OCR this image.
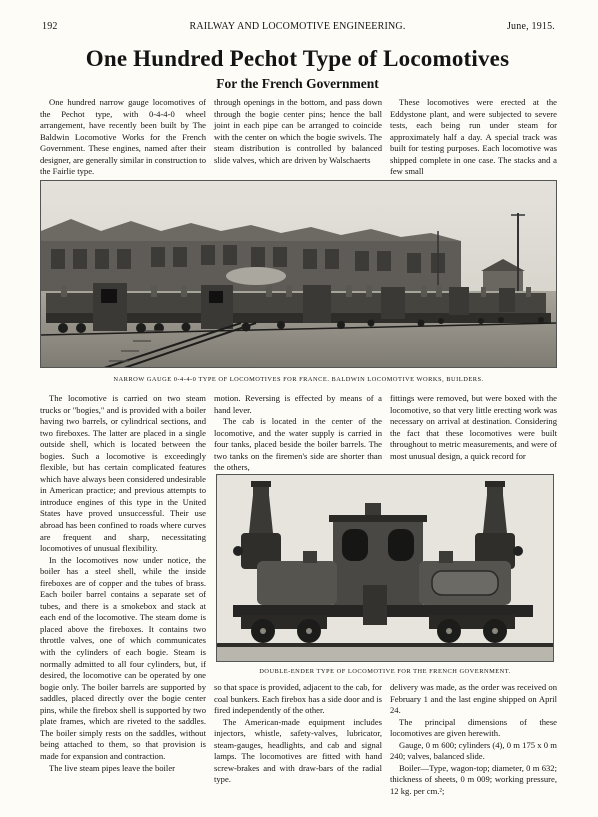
192	RAILWAY AND LOCOMOTIVE ENGINEERING.	June, 1915.
One Hundred Pechot Type of Locomotives
For the French Government

One hundred narrow gauge locomotives of the Pechot type, with 0-4-4-0 wheel arrangement, have recently been built by The Baldwin Locomotive Works for the French Government. These engines, named after their designer, are generally similar in construction to the Fairlie type.

through openings in the bottom, and pass down through the bogie center pins; hence the ball joint in each pipe can be arranged to coincide with the center on which the bogie swivels. The steam distribution is controlled by balanced slide valves, which are driven by Walschaerts

These locomotives were erected at the Eddystone plant, and were subjected to severe tests, each being run under steam for approximately half a day. A special track was built for testing purposes. Each locomotive was shipped complete in one case. The stacks and a few small

NARROW GAUGE 0-4-4-0 TYPE OF LOCOMOTIVES FOR FRANCE. BALDWIN LOCOMOTIVE WORKS, BUILDERS.

The locomotive is carried on two steam trucks or "bogies," and is provided with a boiler having two barrels, or cylindrical sections, and two fireboxes. The latter are placed in a single outside shell, which is located between the bogies. Such a locomotive is exceedingly flexible, but has certain complicated features which have always been considered undesirable in American practice; and previous attempts to introduce engines of this type in the United States have proved unsuccessful. Their use abroad has been confined to roads where curves are frequent and sharp, necessitating locomotives of unusual flexibility.

In the locomotives now under notice, the boiler has a steel shell, while the inside fireboxes are of copper and the tubes of brass. Each boiler barrel contains a separate set of tubes, and there is a smokebox and stack at each end of the locomotive. The steam dome is placed above the fireboxes. It contains two throttle valves, one of which communicates with the cylinders of each bogie. Steam is normally admitted to all four cylinders, but, if desired, the locomotive can be operated by one bogie only. The boiler barrels are supported by saddles, placed directly over the bogie center pins, while the firebox shell is supported by two plate frames, which are riveted to the saddles. The boiler simply rests on the saddles, without being attached to them, so that provision is made for expansion and contraction.

The live steam pipes leave the boiler

motion. Reversing is effected by means of a hand lever.

The cab is located in the center of the locomotive, and the water supply is carried in four tanks, placed beside the boiler barrels. The two tanks on the firemen's side are shorter than the others,

fittings were removed, but were boxed with the locomotive, so that very little erecting work was necessary on arrival at destination. Considering the fact that these locomotives were built throughout to metric measurements, and were of most unusual design, a quick record for

DOUBLE-ENDER TYPE OF LOCOMOTIVE FOR THE FRENCH GOVERNMENT.

so that space is provided, adjacent to the cab, for coal bunkers. Each firebox has a side door and is fired independently of the other.

The American-made equipment includes injectors, whistle, safety-valves, lubricator, steam-gauges, headlights, and cab and signal lamps. The locomotives are fitted with hand screw-brakes and with draw-bars of the radial type.

delivery was made, as the order was received on February 1 and the last engine shipped on April 24.

The principal dimensions of these locomotives are given herewith.

Gauge, 0 m 600; cylinders (4), 0 m 175 x 0 m 240; valves, balanced slide.

Boiler—Type, wagon-top; diameter, 0 m 632; thickness of sheets, 0 m 009; working pressure, 12 kg. per cm.²;
